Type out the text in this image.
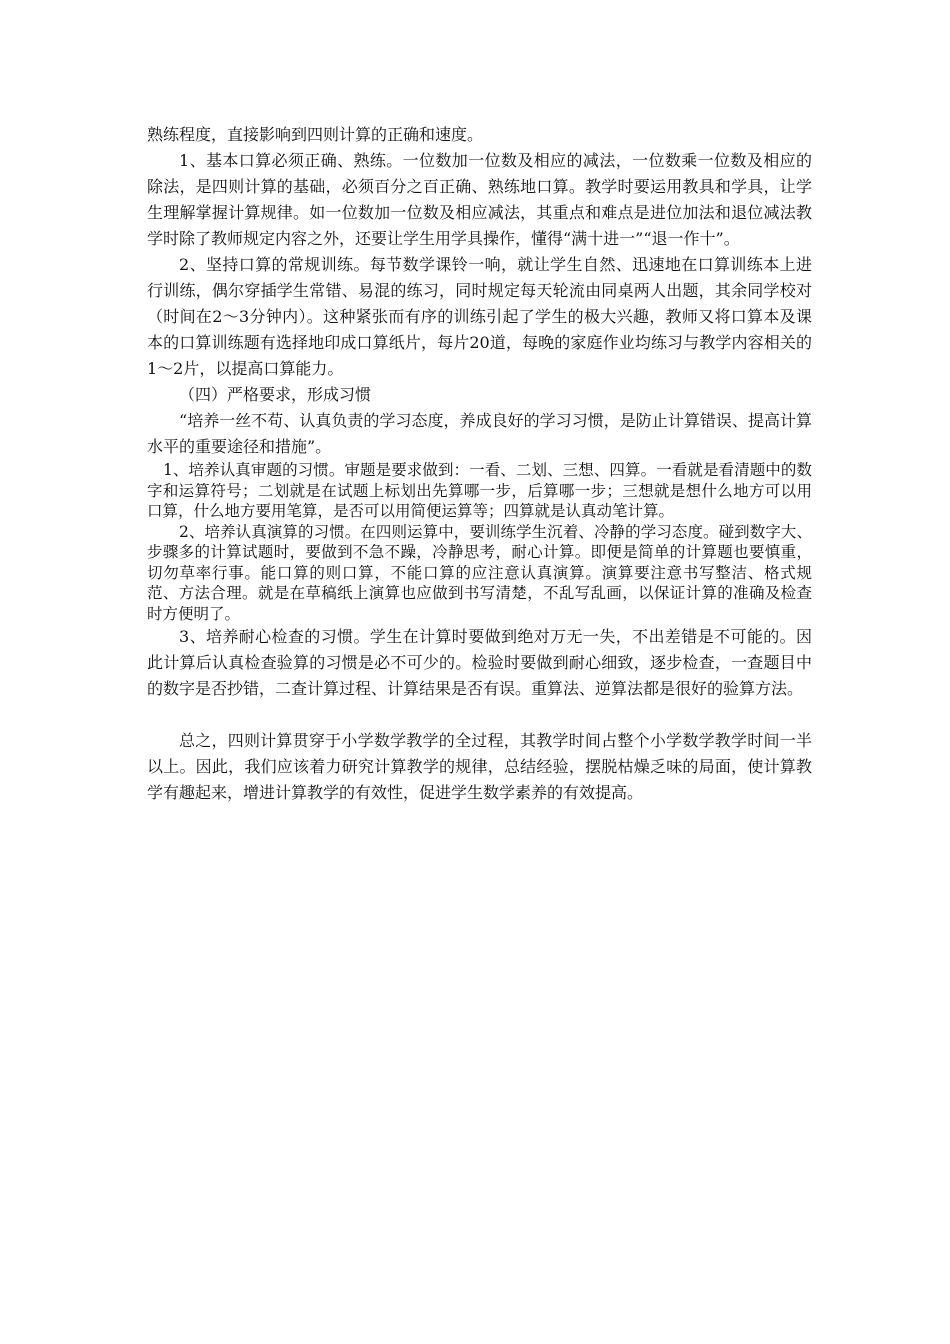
熟练程度，直接影响到四则计算的正确和速度。

1、基本口算必须正确、熟练。一位数加一位数及相应的减法，一位数乘一位数及相应的除法，是四则计算的基础，必须百分之百正确、熟练地口算。教学时要运用教具和学具，让学生理解掌握计算规律。如一位数加一位数及相应减法，其重点和难点是进位加法和退位减法教学时除了教师规定内容之外，还要让学生用学具操作，懂得“满十进一”“退一作十”。

2、坚持口算的常规训练。每节数学课铃一响，就让学生自然、迅速地在口算训练本上进行训练，偶尔穿插学生常错、易混的练习，同时规定每天轮流由同桌两人出题，其余同学校对（时间在2～3分钟内）。这种紧张而有序的训练引起了学生的极大兴趣，教师又将口算本及课本的口算训练题有选择地印成口算纸片，每片20道，每晚的家庭作业均练习与教学内容相关的1～2片，以提高口算能力。

（四）严格要求，形成习惯

“培养一丝不苟、认真负责的学习态度，养成良好的学习习惯，是防止计算错误、提高计算水平的重要途径和措施”。

1、培养认真审题的习惯。审题是要求做到：一看、二划、三想、四算。一看就是看清题中的数字和运算符号；二划就是在试题上标划出先算哪一步，后算哪一步；三想就是想什么地方可以用口算，什么地方要用笔算，是否可以用简便运算等；四算就是认真动笔计算。

2、培养认真演算的习惯。在四则运算中，要训练学生沉着、冷静的学习态度。碰到数字大、步骤多的计算试题时，要做到不急不躁，冷静思考，耐心计算。即便是简单的计算题也要慎重，切勿草率行事。能口算的则口算，不能口算的应注意认真演算。演算要注意书写整洁、格式规范、方法合理。就是在草稿纸上演算也应做到书写清楚，不乱写乱画，以保证计算的准确及检查时方便明了。

3、培养耐心检查的习惯。学生在计算时要做到绝对万无一失，不出差错是不可能的。因此计算后认真检查验算的习惯是必不可少的。检验时要做到耐心细致，逐步检查，一查题目中的数字是否抄错，二查计算过程、计算结果是否有误。重算法、逆算法都是很好的验算方法。

总之，四则计算贯穿于小学数学教学的全过程，其教学时间占整个小学数学教学时间一半以上。因此，我们应该着力研究计算教学的规律，总结经验，摆脱枯燥乏味的局面，使计算教学有趣起来，增进计算教学的有效性，促进学生数学素养的有效提高。
